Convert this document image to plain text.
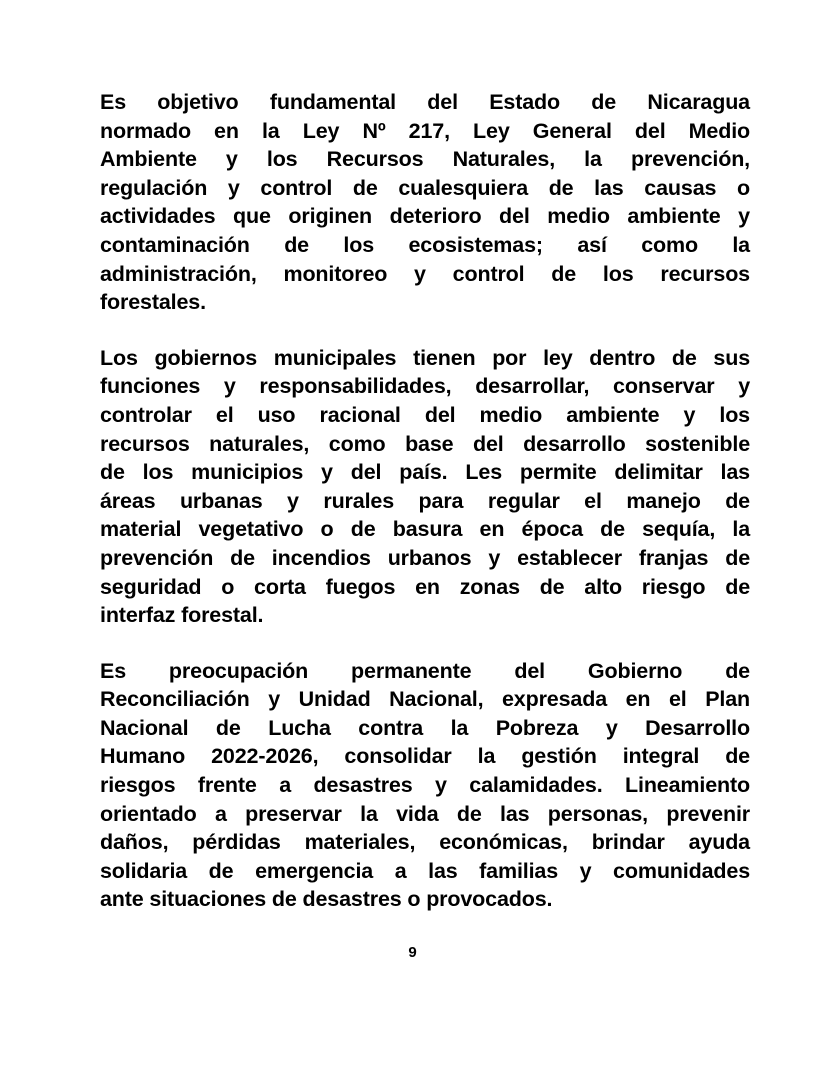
Es objetivo fundamental del Estado de Nicaragua
normado en la Ley Nº 217, Ley General del Medio
Ambiente y los Recursos Naturales, la prevención,
regulación y control de cualesquiera de las causas o
actividades que originen deterioro del medio ambiente y
contaminación de los ecosistemas; así como la
administración, monitoreo y control de los recursos
forestales.

Los gobiernos municipales tienen por ley dentro de sus
funciones y responsabilidades, desarrollar, conservar y
controlar el uso racional del medio ambiente y los
recursos naturales, como base del desarrollo sostenible
de los municipios y del país. Les permite delimitar las
áreas urbanas y rurales para regular el manejo de
material vegetativo o de basura en época de sequía, la
prevención de incendios urbanos y establecer franjas de
seguridad o corta fuegos en zonas de alto riesgo de
interfaz forestal.

Es preocupación permanente del Gobierno de
Reconciliación y Unidad Nacional, expresada en el Plan
Nacional de Lucha contra la Pobreza y Desarrollo
Humano 2022-2026, consolidar la gestión integral de
riesgos frente a desastres y calamidades. Lineamiento
orientado a preservar la vida de las personas, prevenir
daños, pérdidas materiales, económicas, brindar ayuda
solidaria de emergencia a las familias y comunidades
ante situaciones de desastres o provocados.

9
